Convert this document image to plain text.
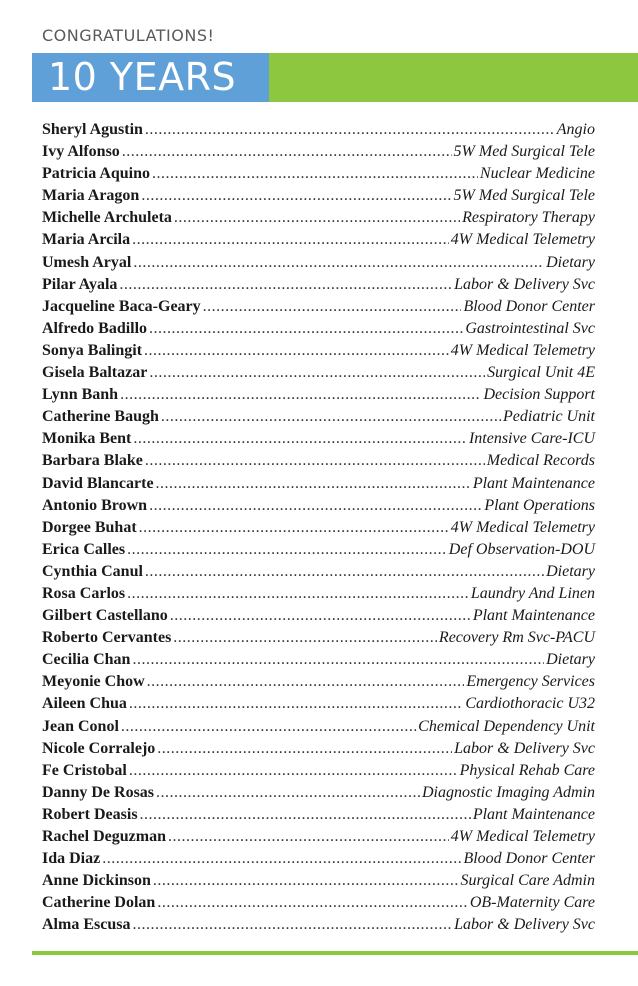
CONGRATULATIONS!
10 YEARS
Sheryl Agustin .....	Angio
Ivy Alfonso .....	5W Med Surgical Tele
Patricia Aquino .....	Nuclear Medicine
Maria Aragon .....	5W Med Surgical Tele
Michelle Archuleta .....	Respiratory Therapy
Maria Arcila .....	4W Medical Telemetry
Umesh Aryal .....	Dietary
Pilar Ayala .....	Labor & Delivery Svc
Jacqueline Baca-Geary .....	Blood Donor Center
Alfredo Badillo .....	Gastrointestinal Svc
Sonya Balingit .....	4W Medical Telemetry
Gisela Baltazar .....	Surgical Unit 4E
Lynn Banh .....	Decision Support
Catherine Baugh .....	Pediatric Unit
Monika Bent .....	Intensive Care-ICU
Barbara Blake .....	Medical Records
David Blancarte .....	Plant Maintenance
Antonio Brown .....	Plant Operations
Dorgee Buhat .....	4W Medical Telemetry
Erica Calles .....	Def Observation-DOU
Cynthia Canul .....	Dietary
Rosa Carlos .....	Laundry And Linen
Gilbert Castellano .....	Plant Maintenance
Roberto Cervantes .....	Recovery Rm Svc-PACU
Cecilia Chan .....	Dietary
Meyonie Chow .....	Emergency Services
Aileen Chua .....	Cardiothoracic U32
Jean Conol .....	Chemical Dependency Unit
Nicole Corralejo .....	Labor & Delivery Svc
Fe Cristobal .....	Physical Rehab Care
Danny De Rosas .....	Diagnostic Imaging Admin
Robert Deasis .....	Plant Maintenance
Rachel Deguzman .....	4W Medical Telemetry
Ida Diaz .....	Blood Donor Center
Anne Dickinson .....	Surgical Care Admin
Catherine Dolan .....	OB-Maternity Care
Alma Escusa .....	Labor & Delivery Svc
